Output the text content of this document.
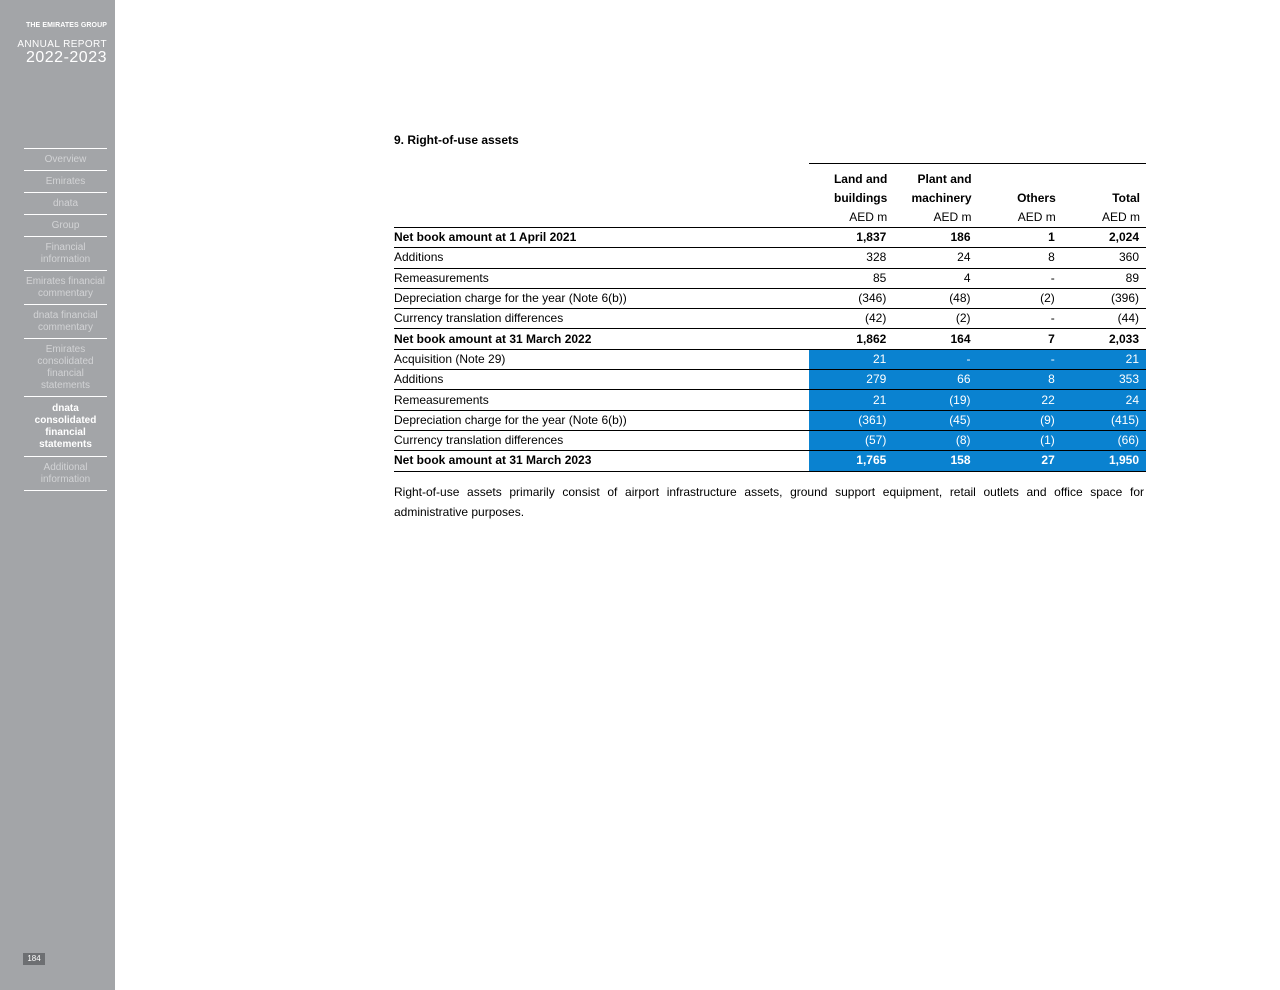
THE EMIRATES GROUP
ANNUAL REPORT
2022-2023
Overview
Emirates
dnata
Group
Financial information
Emirates financial commentary
dnata financial commentary
Emirates consolidated financial statements
dnata consolidated financial statements
Additional information
184
9. Right-of-use assets
	Land and	Plant and		
	buildings	machinery	Others	Total
	AED m	AED m	AED m	AED m
Net book amount at 1 April 2021	1,837	186	1	2,024
Additions	328	24	8	360
Remeasurements	85	4	-	89
Depreciation charge for the year (Note 6(b))	(346)	(48)	(2)	(396)
Currency translation differences	(42)	(2)	-	(44)
Net book amount at 31 March 2022	1,862	164	7	2,033
Acquisition (Note 29)	21	-	-	21
Additions	279	66	8	353
Remeasurements	21	(19)	22	24
Depreciation charge for the year (Note 6(b))	(361)	(45)	(9)	(415)
Currency translation differences	(57)	(8)	(1)	(66)
Net book amount at 31 March 2023	1,765	158	27	1,950
Right-of-use assets primarily consist of airport infrastructure assets, ground support equipment, retail outlets and office space for administrative purposes.
